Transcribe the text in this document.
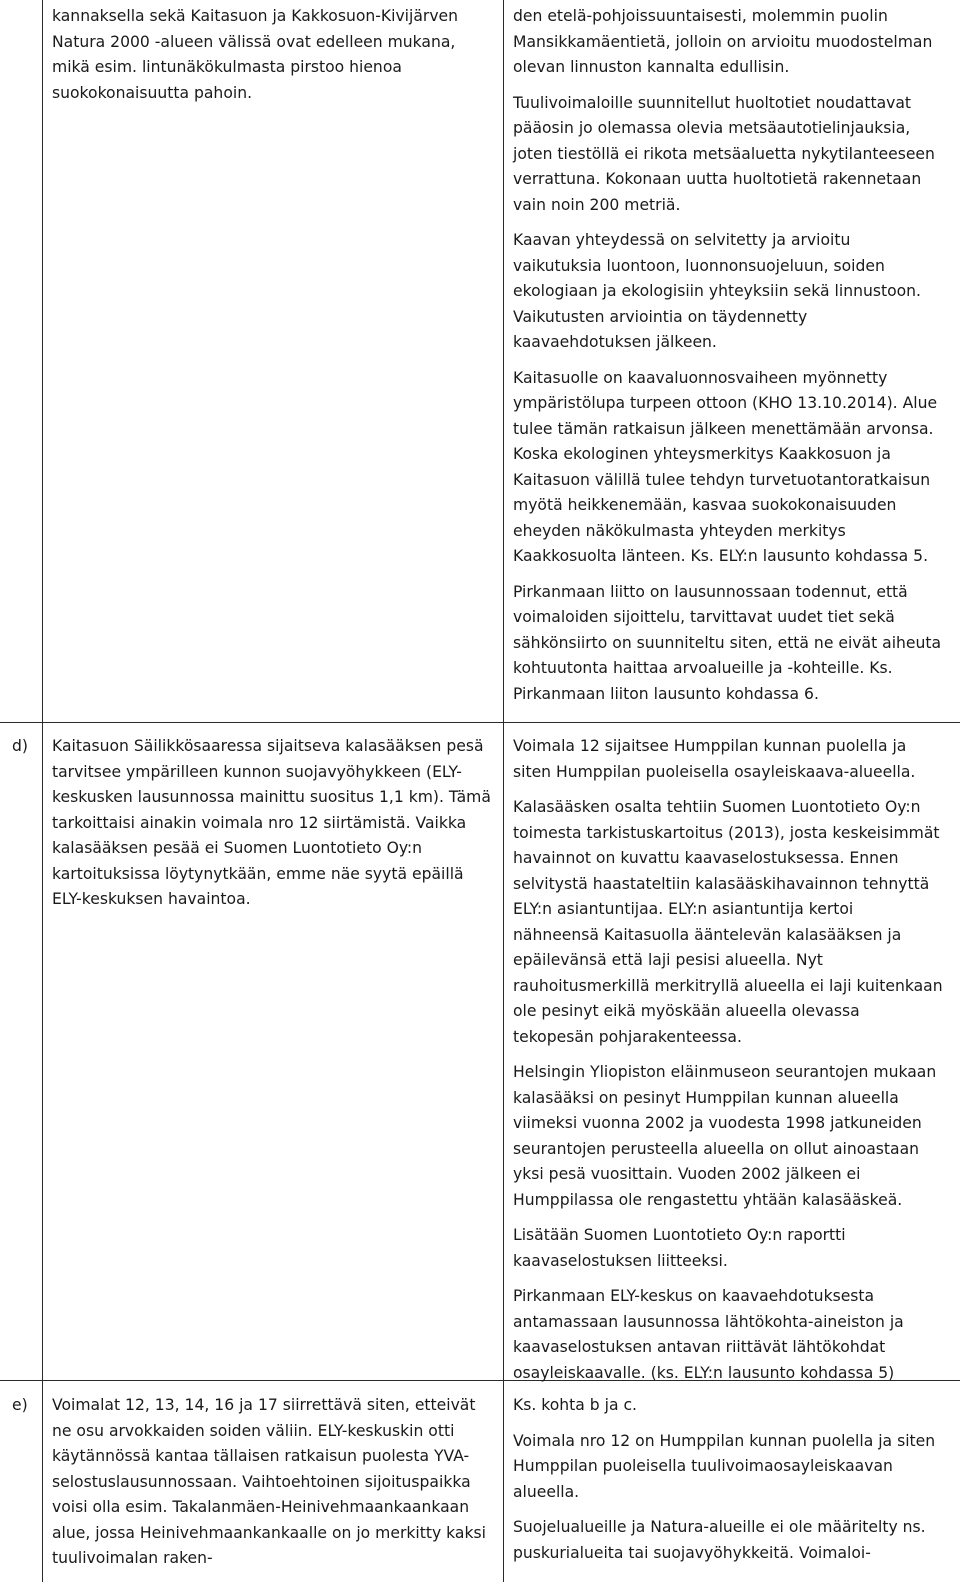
kannaksella sekä Kaitasuon ja Kakkosuon-Kivijärven Natura 2000 -alueen välissä ovat edelleen mukana, mikä esim. lintunäkökulmasta pirstoo hienoa suokokonaisuutta pahoin.

den etelä-pohjoissuuntaisesti, molemmin puolin Mansikkamäentietä, jolloin on arvioitu muodostelman olevan linnuston kannalta edullisin.

Tuulivoimaloille suunnitellut huoltotiet noudattavat pääosin jo olemassa olevia metsäautotielinjauksia, joten tiestöllä ei rikota metsäaluetta nykytilanteeseen verrattuna. Kokonaan uutta huoltotietä rakennetaan vain noin 200 metriä.

Kaavan yhteydessä on selvitetty ja arvioitu vaikutuksia luontoon, luonnonsuojeluun, soiden ekologiaan ja ekologisiin yhteyksiin sekä linnustoon. Vaikutusten arviointia on täydennetty kaavaehdotuksen jälkeen.

Kaitasuolle on kaavaluonnosvaiheen myönnetty ympäristölupa turpeen ottoon (KHO 13.10.2014). Alue tulee tämän ratkaisun jälkeen menettämään arvonsa. Koska ekologinen yhteysmerkitys Kaakkosuon ja Kaitasuon välillä tulee tehdyn turvetuotantoratkaisun myötä heikkenemään, kasvaa suokokonaisuuden eheyden näkökulmasta yhteyden merkitys Kaakkosuolta länteen. Ks. ELY:n lausunto kohdassa 5.

Pirkanmaan liitto on lausunnossaan todennut, että voimaloiden sijoittelu, tarvittavat uudet tiet sekä sähkönsiirto on suunniteltu siten, että ne eivät aiheuta kohtuutonta haittaa arvoalueille ja -kohteille. Ks. Pirkanmaan liiton lausunto kohdassa 6.

d) Kaitasuon Säilikkösaaressa sijaitseva kalasääksen pesä tarvitsee ympärilleen kunnon suojavyöhykkeen (ELY-keskusken lausunnossa mainittu suositus 1,1 km). Tämä tarkoittaisi ainakin voimala nro 12 siirtämistä. Vaikka kalasääksen pesää ei Suomen Luontotieto Oy:n kartoituksissa löytynytkään, emme näe syytä epäillä ELY-keskuksen havaintoa.

Voimala 12 sijaitsee Humppilan kunnan puolella ja siten Humppilan puoleisella osayleiskaava-alueella.

Kalasääsken osalta tehtiin Suomen Luontotieto Oy:n toimesta tarkistuskartoitus (2013), josta keskeisimmät havainnot on kuvattu kaavaselostuksessa. Ennen selvitystä haastateltiin kalasääskihavainnon tehnyttä ELY:n asiantuntijaa. ELY:n asiantuntija kertoi nähneensä Kaitasuolla ääntelevän kalasääksen ja epäilevänsä että laji pesisi alueella. Nyt rauhoitusmerkillä merkitryllä alueella ei laji kuitenkaan ole pesinyt eikä myöskään alueella olevassa tekopesän pohjarakenteessa.

Helsingin Yliopiston eläinmuseon seurantojen mukaan kalasääksi on pesinyt Humppilan kunnan alueella viimeksi vuonna 2002 ja vuodesta 1998 jatkuneiden seurantojen perusteella alueella on ollut ainoastaan yksi pesä vuosittain. Vuoden 2002 jälkeen ei Humppilassa ole rengastettu yhtään kalasääskeä.

Lisätään Suomen Luontotieto Oy:n raportti kaavaselostuksen liitteeksi.

Pirkanmaan ELY-keskus on kaavaehdotuksesta antamassaan lausunnossa lähtökohta-aineiston ja kaavaselostuksen antavan riittävät lähtökohdat osayleiskaavalle. (ks. ELY:n lausunto kohdassa 5)

e) Voimalat 12, 13, 14, 16 ja 17 siirrettävä siten, etteivät ne osu arvokkaiden soiden väliin. ELY-keskuskin otti käytännössä kantaa tällaisen ratkaisun puolesta YVA-selostuslausunnossaan. Vaihtoehtoinen sijoituspaikka voisi olla esim. Takalanmäen-Heinivehmaankaankaan alue, jossa Heinivehmaankankaalle on jo merkitty kaksi tuulivoimalan raken-

Ks. kohta b ja c.

Voimala nro 12 on Humppilan kunnan puolella ja siten Humppilan puoleisella tuulivoimaosayleiskaavan alueella.

Suojelualueille ja Natura-alueille ei ole määritelty ns. puskurialueita tai suojavyöhykkeitä. Voimaloi-
